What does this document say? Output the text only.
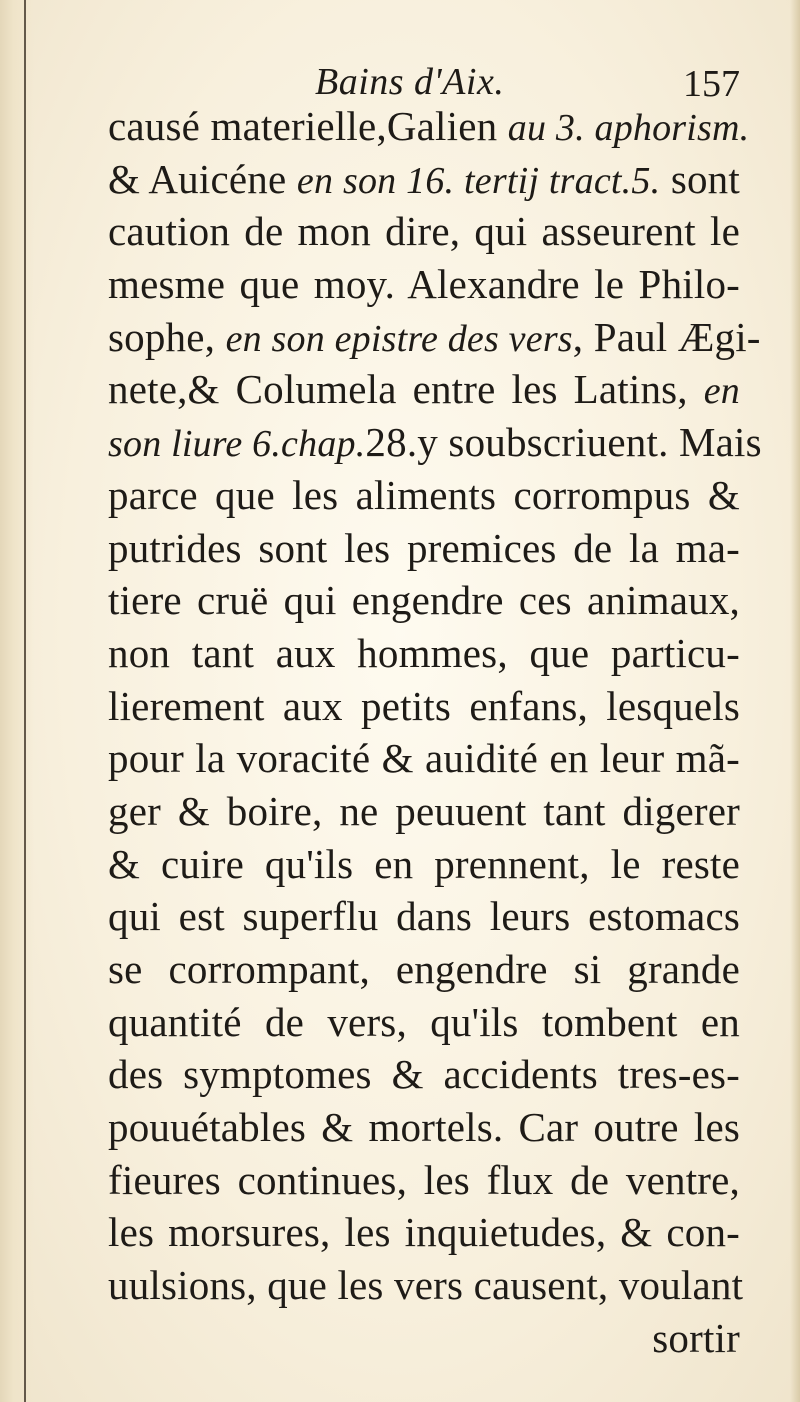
Bains d'Aix.	157
causé materielle,Galien au 3. aphorism.
& Auicéne en son 16. tertij tract.5. sont
caution de mon dire, qui asseurent le
mesme que moy. Alexandre le Philo-
sophe, en son epistre des vers, Paul Ægi-
nete,& Columela entre les Latins, en
son liure 6.chap.28.y soubscriuent. Mais
parce que les aliments corrompus &
putrides sont les premices de la ma-
tiere cruë qui engendre ces animaux,
non tant aux hommes, que particu-
lierement aux petits enfans, lesquels
pour la voracité & auidité en leur mã-
ger & boire, ne peuuent tant digerer
& cuire qu'ils en prennent, le reste
qui est superflu dans leurs estomacs
se corrompant, engendre si grande
quantité de vers, qu'ils tombent en
des symptomes & accidents tres-es-
pouuétables & mortels. Car outre les
fieures continues, les flux de ventre,
les morsures, les inquietudes, & con-
uulsions, que les vers causent, voulant
sortir
